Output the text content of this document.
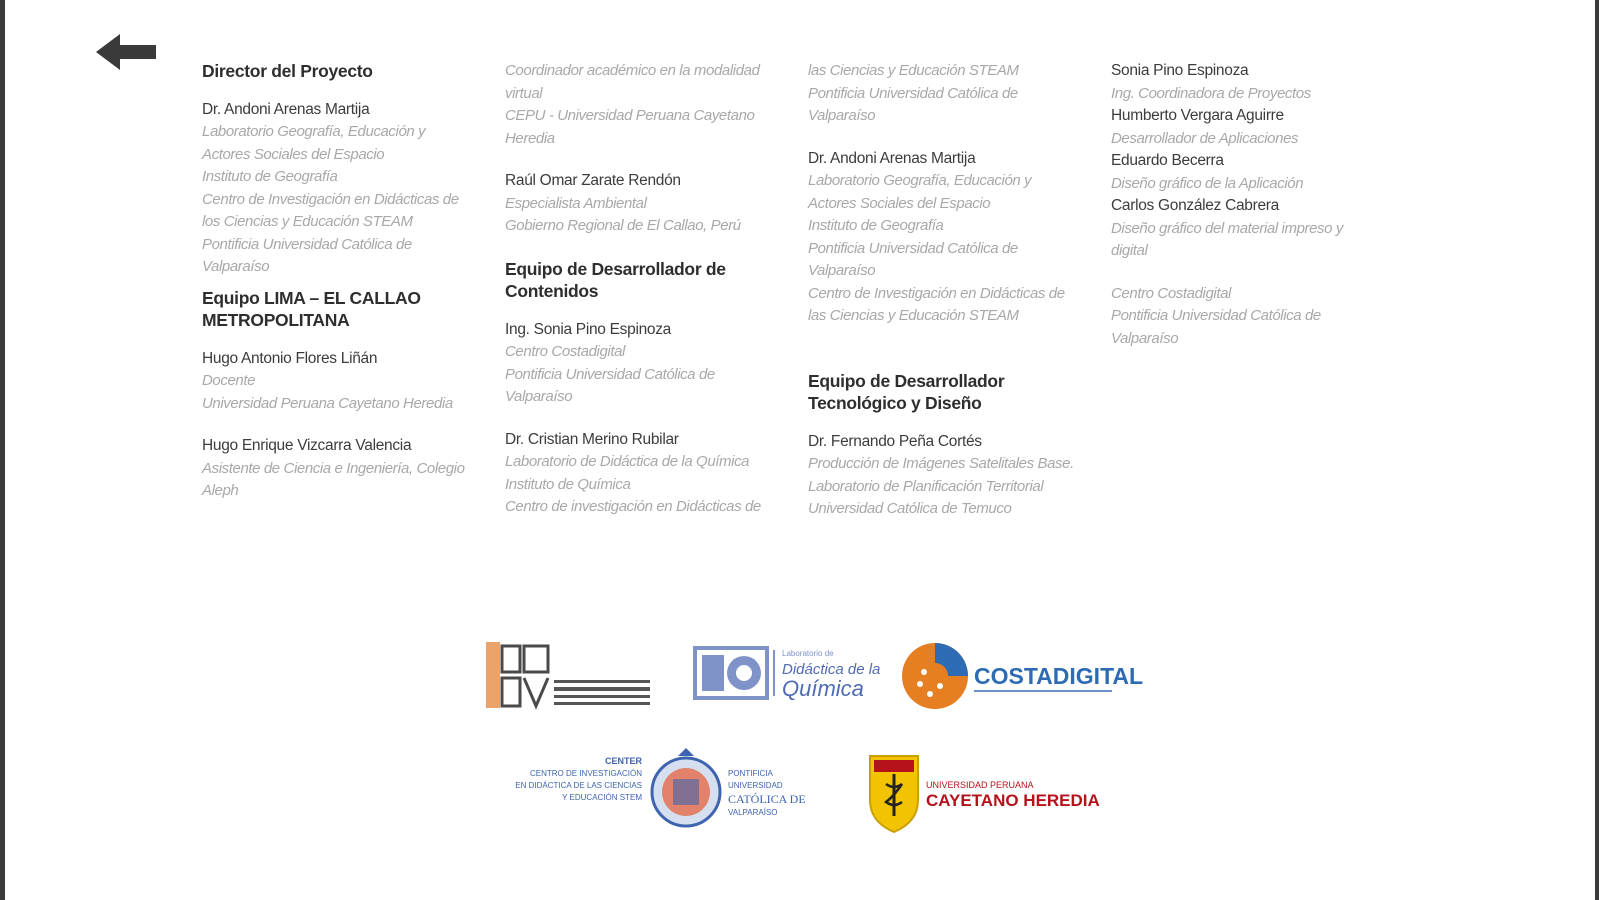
Director del Proyecto
Dr. Andoni Arenas Martija
Laboratorio Geografía, Educación y
Actores Sociales del Espacio
Instituto de Geografía
Centro de Investigación en Didácticas de
los Ciencias y Educación STEAM
Pontificia Universidad Católica de
Valparaíso
Equipo LIMA – EL CALLAO METROPOLITANA
Hugo Antonio Flores Liñán
Docente
Universidad Peruana Cayetano Heredia
Hugo Enrique Vizcarra Valencia
Asistente de Ciencia e Ingeniería, Colegio
Aleph
Coordinador académico en la modalidad
virtual
CEPU - Universidad Peruana Cayetano
Heredia
Raúl Omar Zarate Rendón
Especialista Ambiental
Gobierno Regional de El Callao, Perú
Equipo de Desarrollador de Contenidos
Ing. Sonia Pino Espinoza
Centro Costadigital
Pontificia Universidad Católica de
Valparaíso
Dr. Cristian Merino Rubilar
Laboratorio de Didáctica de la Química
Instituto de Química
Centro de investigación en Didácticas de
las Ciencias y Educación STEAM
Pontificia Universidad Católica de
Valparaíso
Dr. Andoni Arenas Martija
Laboratorio Geografía, Educación y
Actores Sociales del Espacio
Instituto de Geografía
Pontificia Universidad Católica de
Valparaíso
Centro de Investigación en Didácticas de
las Ciencias y Educación STEAM
Equipo de Desarrollador Tecnológico y Diseño
Dr. Fernando Peña Cortés
Producción de Imágenes Satelitales Base.
Laboratorio de Planificación Territorial
Universidad Católica de Temuco
Sonia Pino Espinoza
Ing. Coordinadora de Proyectos
Humberto Vergara Aguirre
Desarrollador de Aplicaciones
Eduardo Becerra
Diseño gráfico de la Aplicación
Carlos González Cabrera
Diseño gráfico del material impreso y
digital
Centro Costadigital
Pontificia Universidad Católica de
Valparaíso
Laboratorio de
Didáctica de la
Química	COSTADIGITAL
CENTER
CENTRO DE INVESTIGACIÓN
EN DIDÁCTICA DE LAS CIENCIAS
Y EDUCACIÓN STEM
PONTIFICIA
UNIVERSIDAD
CATÓLICA DE
VALPARAÍSO
UNIVERSIDAD PERUANA
CAYETANO HEREDIA
